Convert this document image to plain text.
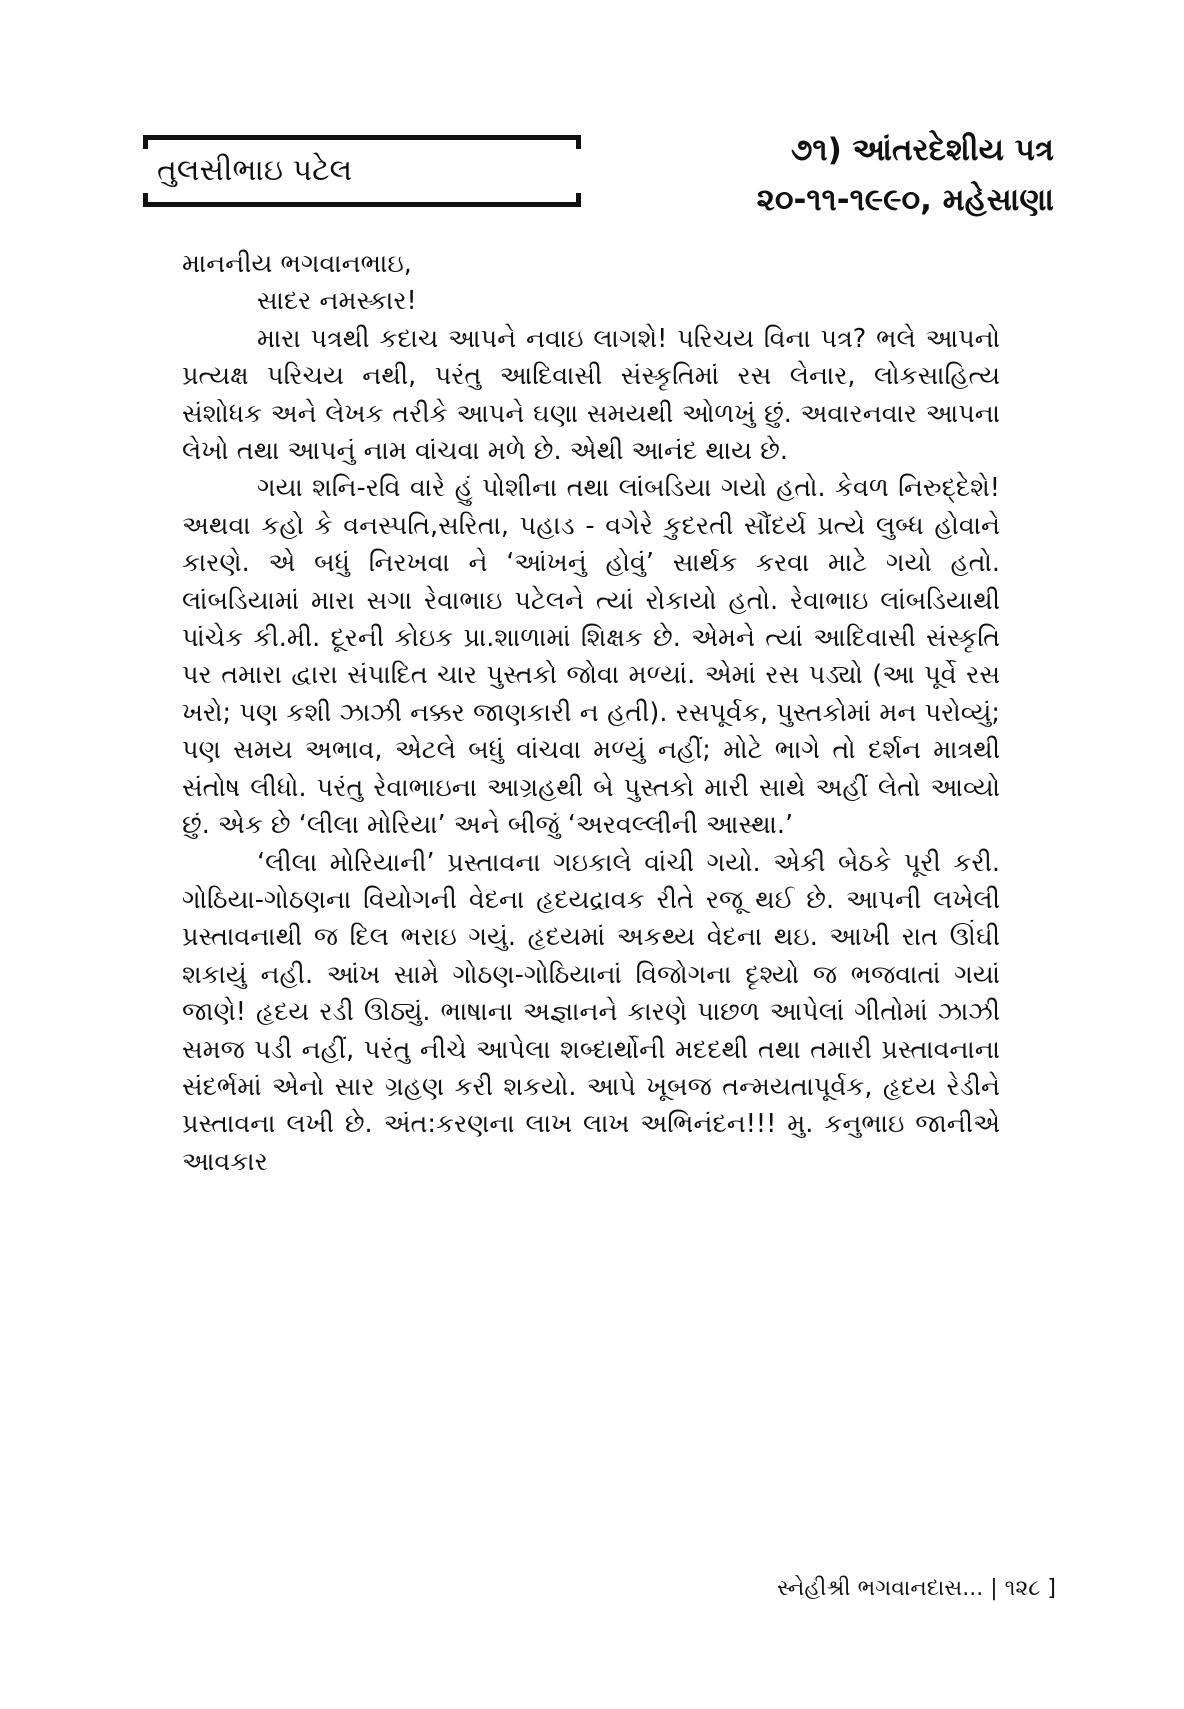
તુલસીભાઇ પટેલ
૭૧) આંતરદેશીય પત્ર
૨૦-૧૧-૧૯૯૦, મહેસાણા

માનનીય ભગવાનભાઇ,

સાદર નમસ્કાર!

મારા પત્રથી કદાચ આપને નવાઇ લાગશે! પરિચય વિના પત્ર? ભલે આપનો પ્રત્યક્ષ પરિચય નથી, પરંતુ આદિવાસી સંસ્કૃતિમાં રસ લેનાર, લોકસાહિત્ય સંશોધક અને લેખક તરીકે આપને ઘણા સમયથી ઓળખું છું. અવારનવાર આપના લેખો તથા આપનું નામ વાંચવા મળે છે. એથી આનંદ થાય છે.

ગયા શનિ-રવિ વારે હું પોશીના તથા લાંબડિયા ગયો હતો. કેવળ નિરુદ્દેશે! અથવા કહો કે વનસ્પતિ,સરિતા, પહાડ - વગેરે કુદરતી સૌંદર્ય પ્રત્યે લુબ્ધ હોવાને કારણે. એ બધું નિરખવા ને ‘આંખનું હોવું’ સાર્થક કરવા માટે ગયો હતો. લાંબડિયામાં મારા સગા રેવાભાઇ પટેલને ત્યાં રોકાયો હતો. રેવાભાઇ લાંબડિયાથી પાંચેક કી.મી. દૂરની કોઇક પ્રા.શાળામાં શિક્ષક છે. એમને ત્યાં આદિવાસી સંસ્કૃતિ પર તમારા દ્વારા સંપાદિત ચાર પુસ્તકો જોવા મળ્યાં. એમાં રસ પડ્યો (આ પૂર્વે રસ ખરો; પણ કશી ઝાઝી નક્કર જાણકારી ન હતી). રસપૂર્વક, પુસ્તકોમાં મન પરોવ્યું; પણ સમય અભાવ, એટલે બધું વાંચવા મળ્યું નહીં; મોટે ભાગે તો દર્શન માત્રથી સંતોષ લીધો. પરંતુ રેવાભાઇના આગ્રહથી બે પુસ્તકો મારી સાથે અહીં લેતો આવ્યો છું. એક છે ‘લીલા મોરિયા’ અને બીજું ‘અરવલ્લીની આસ્થા.’

‘લીલા મોરિયાની’ પ્રસ્તાવના ગઇકાલે વાંચી ગયો. એકી બેઠકે પૂરી કરી. ગોઠિયા-ગોઠણના વિયોગની વેદના હૃદયદ્રાવક રીતે રજૂ થઈ છે. આપની લખેલી પ્રસ્તાવનાથી જ દિલ ભરાઇ ગયું. હૃદયમાં અકથ્ય વેદના થઇ. આખી રાત ઊંઘી શકાયું નહી. આંખ સામે ગોઠણ-ગોઠિયાનાં વિજોગના દૃશ્યો જ ભજવાતાં ગયાં જાણે! હૃદય રડી ઊઠ્યું. ભાષાના અજ્ઞાનને કારણે પાછળ આપેલાં ગીતોમાં ઝાઝી સમજ પડી નહીં, પરંતુ નીચે આપેલા શબ્દાર્થોની મદદથી તથા તમારી પ્રસ્તાવનાના સંદર્ભમાં એનો સાર ગ્રહણ કરી શકયો. આપે ખૂબજ તન્મયતાપૂર્વક, હૃદય રેડીને પ્રસ્તાવના લખી છે. અંત:કરણના લાખ લાખ અભિનંદન!!! મુ. કનુભાઇ જાનીએ આવકાર

સ્નેહીશ્રી ભગવાનદાસ... | ૧૨૮ ]
